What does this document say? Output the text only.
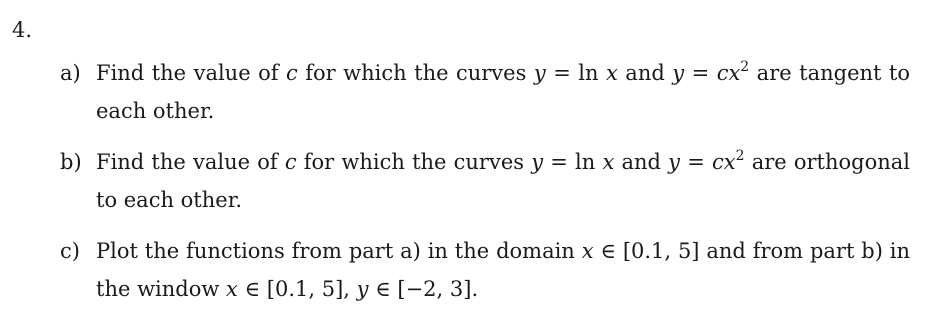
4.
a) Find the value of c for which the curves y = ln x and $y = cx^2$ are tangent to each other.
b) Find the value of c for which the curves y = ln x and $y = cx^2$ are orthogonal to each other.
c) Plot the functions from part a) in the domain x ∈ [0.1, 5] and from part b) in the window x ∈ [0.1, 5], y ∈ [−2, 3].
